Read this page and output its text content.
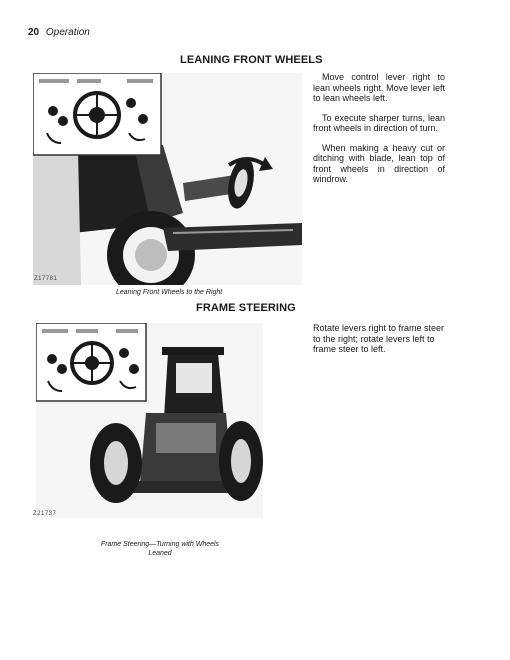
20 Operation
LEANING FRONT WHEELS
Z17781
Leaning Front Wheels to the Right

Move control lever right to lean wheels right. Move lever left to lean wheels left.

To execute sharper turns, lean front wheels in direction of turn.

When making a heavy cut or ditching with blade, lean top of front wheels in direction of windrow.

FRAME STEERING
Z21737
Frame Steering—Turning with Wheels Leaned

Rotate levers right to frame steer to the right; rotate levers left to frame steer to left.
